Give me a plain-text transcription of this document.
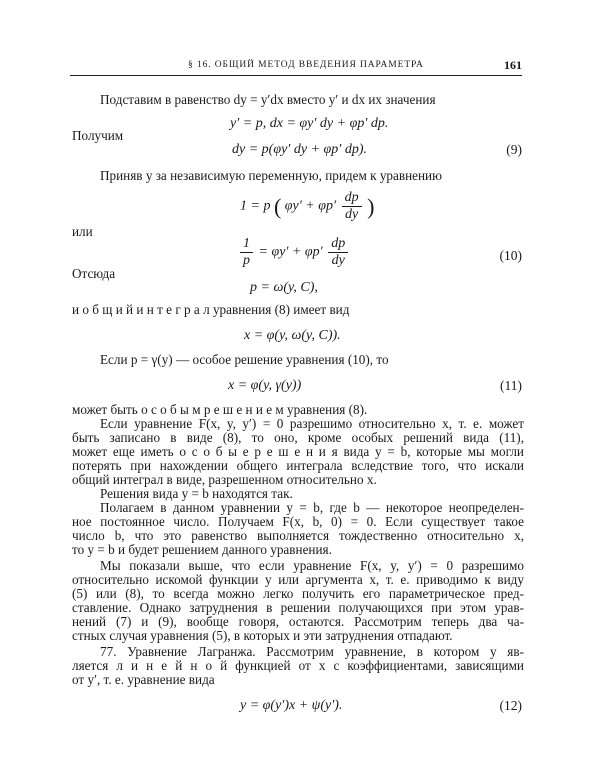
§ 16. ОБЩИЙ МЕТОД ВВЕДЕНИЯ ПАРАМЕТРА	161
Подставим в равенство dy = y′dx вместо y′ и dx их значения
y′ = p, dx = φy′ dy + φp′ dp.
Получим
dy = p(φy′ dy + φp′ dp).	(9)
Приняв y за независимую переменную, придем к уравнению
1 = p ( $\varphi y' + \varphi p' \frac{dp}{dy}$ )
или
$\frac{1}{p} = \varphi y' + \varphi p' \frac{dp}{dy}$	(10)
Отсюда
p = ω(y, C),
и о б щ и й и н т е г р а л уравнения (8) имеет вид
x = φ(y, ω(y, C)).
Если p = γ(y) — особое решение уравнения (10), то
x = φ(y, γ(y))	(11)
может быть о с о б ы м р е ш е н и е м уравнения (8).
Если уравнение F(x, y, y′) = 0 разрешимо относительно x, т. е. может
быть записано в виде (8), то оно, кроме особых решений вида (11),
может еще иметь о с о б ы е р е ш е н и я вида y = b, которые мы могли
потерять при нахождении общего интеграла вследствие того, что искали
общий интеграл в виде, разрешенном относительно x.
Решения вида y = b находятся так.
Полагаем в данном уравнении y = b, где b — некоторое неопределен-
ное постоянное число. Получаем F(x, b, 0) = 0. Если существует такое
число b, что это равенство выполняется тождественно относительно x,
то y = b и будет решением данного уравнения.
Мы показали выше, что если уравнение F(x, y, y′) = 0 разрешимо
относительно искомой функции y или аргумента x, т. е. приводимо к виду
(5) или (8), то всегда можно легко получить его параметрическое пред-
ставление. Однако затруднения в решении получающихся при этом урав-
нений (7) и (9), вообще говоря, остаются. Рассмотрим теперь два ча-
стных случая уравнения (5), в которых и эти затруднения отпадают.
77. Уравнение Лагранжа. Рассмотрим уравнение, в котором y яв-
ляется л и н е й н о й функцией от x с коэффициентами, зависящими
от y′, т. е. уравнение вида
y = φ(y′)x + ψ(y′).	(12)
